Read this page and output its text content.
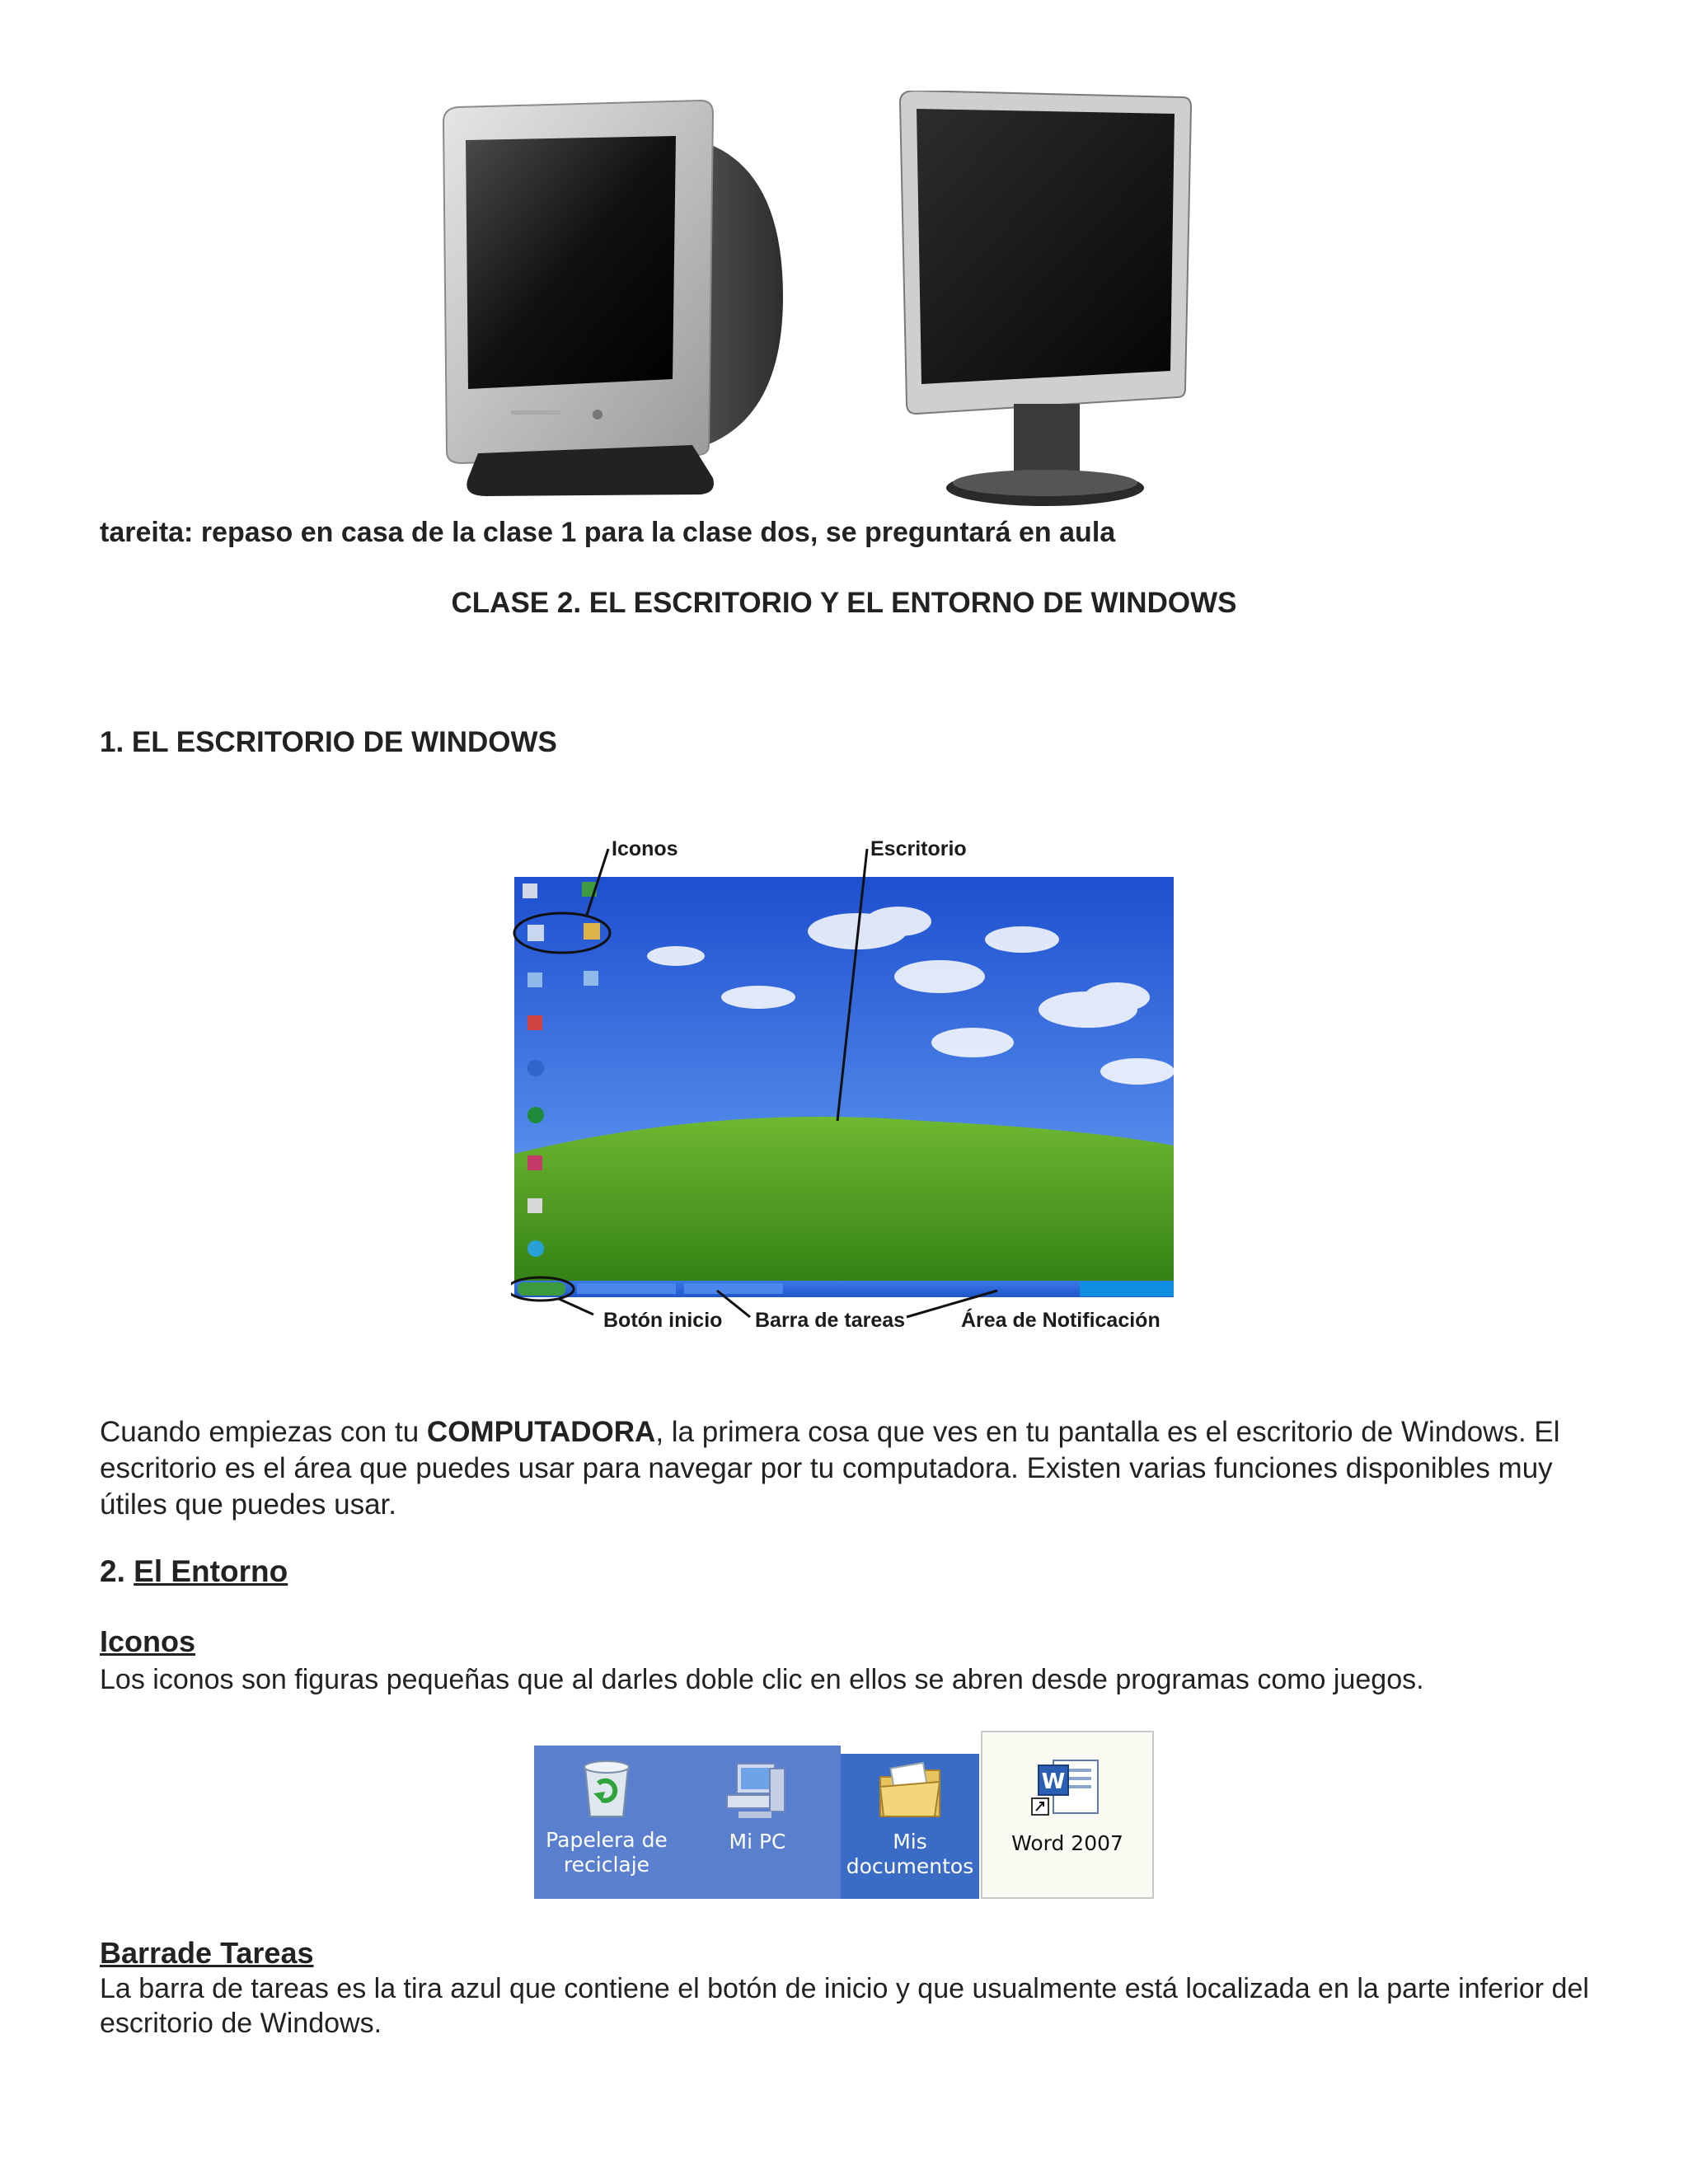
tareita: repaso en casa de la clase 1 para la clase dos, se preguntará en aula
CLASE 2. EL ESCRITORIO Y EL ENTORNO DE WINDOWS
1. EL ESCRITORIO DE WINDOWS
Iconos	Escritorio
Botón inicio Barra de tareas	Área de Notificación
Cuando empiezas con tu COMPUTADORA, la primera cosa que ves en tu pantalla es el escritorio de Windows. El escritorio es el área que puedes usar para navegar por tu computadora. Existen varias funciones disponibles muy útiles que puedes usar.
2. El Entorno
Iconos
Los iconos son figuras pequeñas que al darles doble clic en ellos se abren desde programas como juegos.
Papelera de
reciclaje
Mi PC	Mis
documentos
W
Word 2007
Barrade Tareas
La barra de tareas es la tira azul que contiene el botón de inicio y que usualmente está localizada en la parte inferior del escritorio de Windows.
